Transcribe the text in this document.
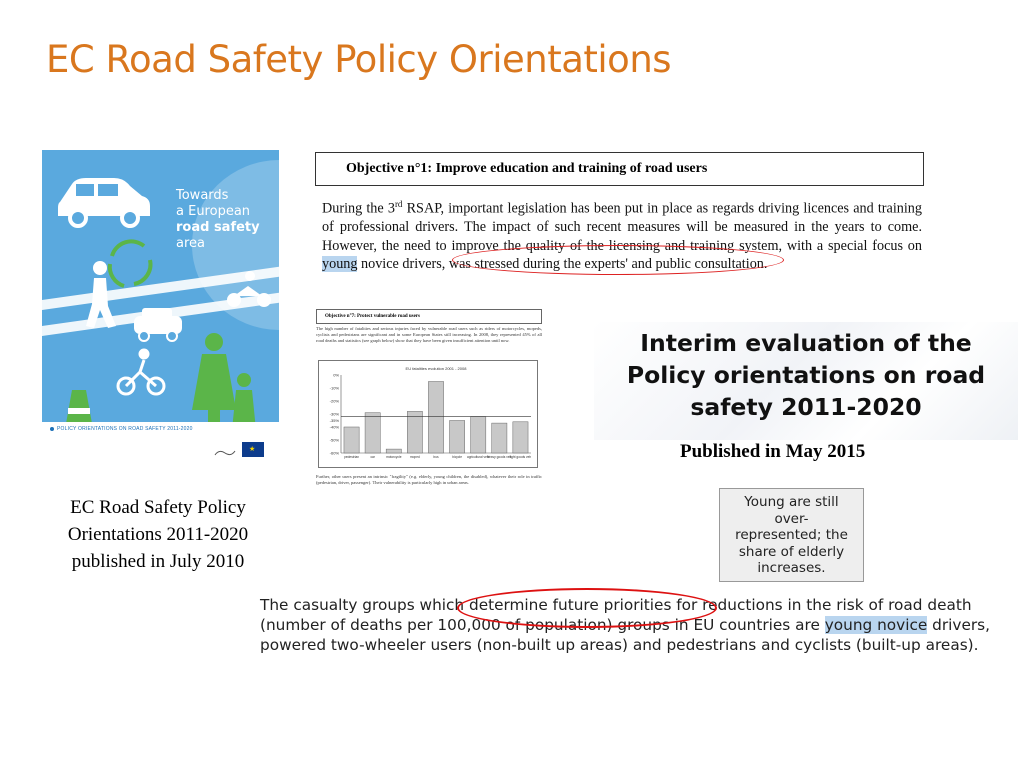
EC Road Safety Policy Orientations
Towards
a European
road safety
area
POLICY ORIENTATIONS ON ROAD SAFETY 2011-2020
★
EC Road Safety Policy Orientations 2011-2020 published in July 2010
Objective n°1: Improve education and training of road users

During the 3rd RSAP, important legislation has been put in place as regards driving licences and training of professional drivers. The impact of such recent measures will be measured in the years to come. However, the need to improve the quality of the licensing and training system, with a special focus on young novice drivers, was stressed during the experts' and public consultation.

Objective n°7: Protect vulnerable road users

The high number of fatalities and serious injuries faced by vulnerable road users such as riders of motorcycles, mopeds, cyclists and pedestrians are significant and in some European States still increasing. In 2008, they represented 45% of all road deaths and statistics (see graph below) show that they have been given insufficient attention until now.

EU fatalities evolution 2001 - 2008
-60%
-50%
-40%
-35%
-30%
-20%
-10%
0%
pedestrian	car	motorcycle	moped	bus	bicycle agricultural vehi
heavy goods veh
light goods veh

Further, other users present an intrinsic "fragility" (e.g. elderly, young children, the disabled), whatever their role in traffic (pedestrian, driver, passenger). Their vulnerability is particularly high in urban areas.

Interim evaluation of the
Policy orientations on road
safety 2011-2020
Published in May 2015
Young are still
over-
represented; the
share of elderly
increases.
The casualty groups which determine future priorities for reductions in the risk of road death
(number of deaths per 100,000 of population) groups in EU countries are young novice drivers,
powered two-wheeler users (non-built up areas) and pedestrians and cyclists (built-up areas).
